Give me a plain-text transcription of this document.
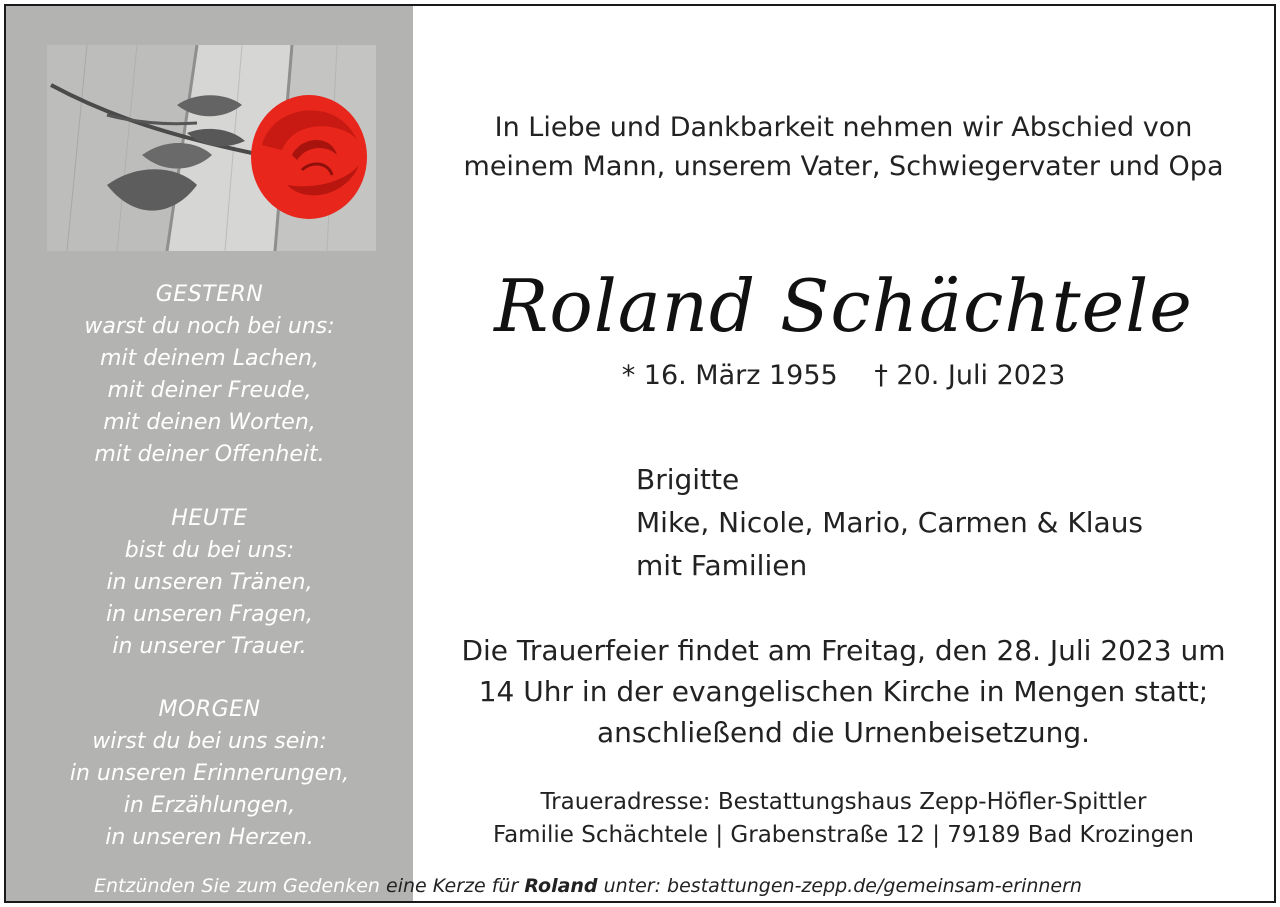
GESTERN
warst du noch bei uns:
mit deinem Lachen,
mit deiner Freude,
mit deinen Worten,
mit deiner Offenheit.
HEUTE
bist du bei uns:
in unseren Tränen,
in unseren Fragen,
in unserer Trauer.
MORGEN
wirst du bei uns sein:
in unseren Erinnerungen,
in Erzählungen,
in unseren Herzen.
In Liebe und Dankbarkeit nehmen wir Abschied von
meinem Mann, unserem Vater, Schwiegervater und Opa
Roland Schächtele
* 16. März 1955 † 20. Juli 2023
Brigitte
Mike, Nicole, Mario, Carmen & Klaus
mit Familien
Die Trauerfeier findet am Freitag, den 28. Juli 2023 um
14 Uhr in der evangelischen Kirche in Mengen statt;
anschließend die Urnenbeisetzung.
Traueradresse: Bestattungshaus Zepp-Höfler-Spittler
Familie Schächtele | Grabenstraße 12 | 79189 Bad Krozingen
Entzünden Sie zum Gedenken eine Kerze für Roland unter: bestattungen-zepp.de/gemeinsam-erinnern
